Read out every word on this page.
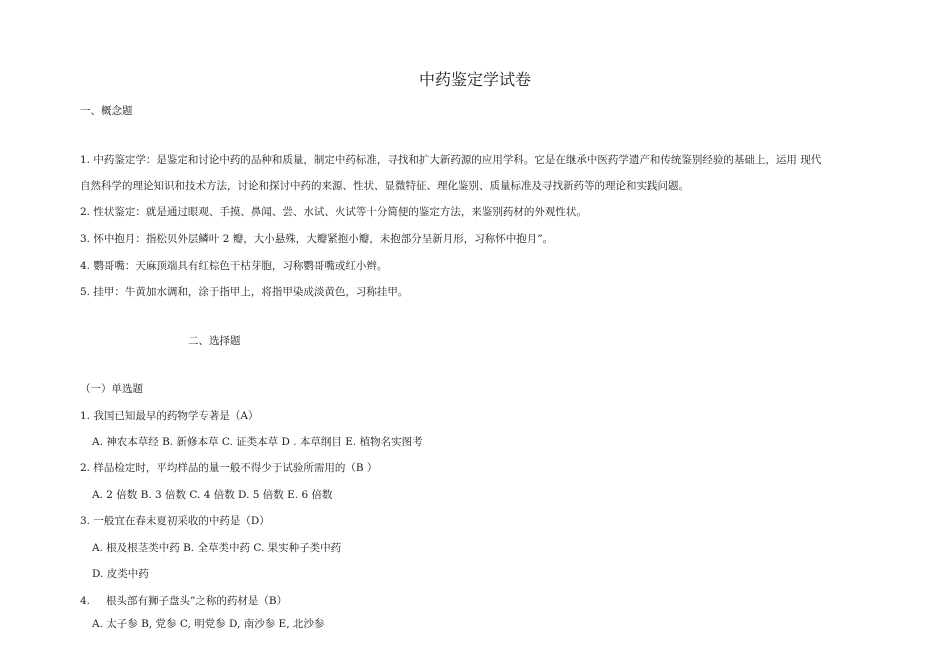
中药鉴定学试卷
一、概念题
1. 中药鉴定学：是鉴定和讨论中药的品种和质量，制定中药标准，寻找和扩大新药源的应用学科。它是在继承中医药学遗产和传统鉴别经验的基础上，运用 现代
自然科学的理论知识和技术方法，讨论和探讨中药的来源、性状、显微特征、理化鉴别、质量标准及寻找新药等的理论和实践问题。
2. 性状鉴定：就是通过眼观、手摸、鼻闻、尝、水试、火试等十分简便的鉴定方法，来鉴别药材的外观性状。
3. 怀中抱月：指松贝外层鳞叶 2 瓣，大小悬殊，大瓣紧抱小瓣，未抱部分呈新月形，习称怀中抱月”。
4. 鹦哥嘴：天麻顶端具有红棕色干枯芽胞，习称鹦哥嘴或红小辫。
5. 挂甲：牛黄加水调和，涂于指甲上，将指甲染成淡黄色，习称挂甲。
二、选择题
（一）单选题
1. 我国已知最早的药物学专著是（A）
A. 神农本草经 B. 新修本草 C. 证类本草 D . 本草纲目 E. 植物名实图考
2. 样品检定时，平均样品的量一般不得少于试验所需用的（B ）
A. 2 倍数 B. 3 倍数 C. 4 倍数 D. 5 倍数 E. 6 倍数
3. 一般宜在春末夏初采收的中药是（D）
A. 根及根茎类中药 B. 全草类中药 C. 果实种子类中药
D. 皮类中药
4. 根头部有狮子盘头”之称的药材是（B）
A. 太子参 B, 党参 C, 明党参 D, 南沙参 E, 北沙参
